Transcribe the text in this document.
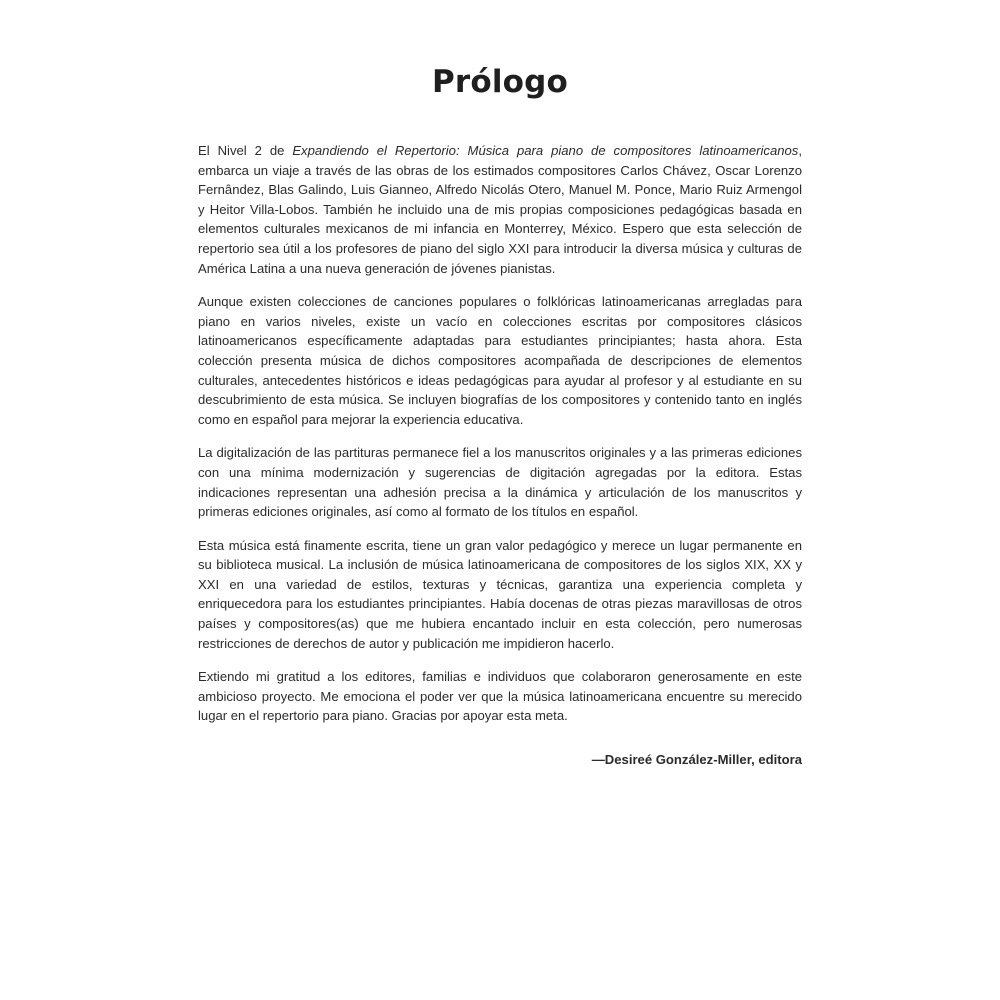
Prólogo

El Nivel 2 de Expandiendo el Repertorio: Música para piano de compositores latinoamericanos, embarca un viaje a través de las obras de los estimados compositores Carlos Chávez, Oscar Lorenzo Fernândez, Blas Galindo, Luis Gianneo, Alfredo Nicolás Otero, Manuel M. Ponce, Mario Ruiz Armengol y Heitor Villa-Lobos. También he incluido una de mis propias composiciones pedagógicas basada en elementos culturales mexicanos de mi infancia en Monterrey, México. Espero que esta selección de repertorio sea útil a los profesores de piano del siglo XXI para introducir la diversa música y culturas de América Latina a una nueva generación de jóvenes pianistas.

Aunque existen colecciones de canciones populares o folklóricas latinoamericanas arregladas para piano en varios niveles, existe un vacío en colecciones escritas por compositores clásicos latinoamericanos específicamente adaptadas para estudiantes principiantes; hasta ahora. Esta colección presenta música de dichos compositores acompañada de descripciones de elementos culturales, antecedentes históricos e ideas pedagógicas para ayudar al profesor y al estudiante en su descubrimiento de esta música. Se incluyen biografías de los compositores y contenido tanto en inglés como en español para mejorar la experiencia educativa.

La digitalización de las partituras permanece fiel a los manuscritos originales y a las primeras ediciones con una mínima modernización y sugerencias de digitación agregadas por la editora. Estas indicaciones representan una adhesión precisa a la dinámica y articulación de los manuscritos y primeras ediciones originales, así como al formato de los títulos en español.

Esta música está finamente escrita, tiene un gran valor pedagógico y merece un lugar permanente en su biblioteca musical. La inclusión de música latinoamericana de compositores de los siglos XIX, XX y XXI en una variedad de estilos, texturas y técnicas, garantiza una experiencia completa y enriquecedora para los estudiantes principiantes. Había docenas de otras piezas maravillosas de otros países y compositores(as) que me hubiera encantado incluir en esta colección, pero numerosas restricciones de derechos de autor y publicación me impidieron hacerlo.

Extiendo mi gratitud a los editores, familias e individuos que colaboraron generosamente en este ambicioso proyecto. Me emociona el poder ver que la música latinoamericana encuentre su merecido lugar en el repertorio para piano. Gracias por apoyar esta meta.

—Desireé González-Miller, editora
